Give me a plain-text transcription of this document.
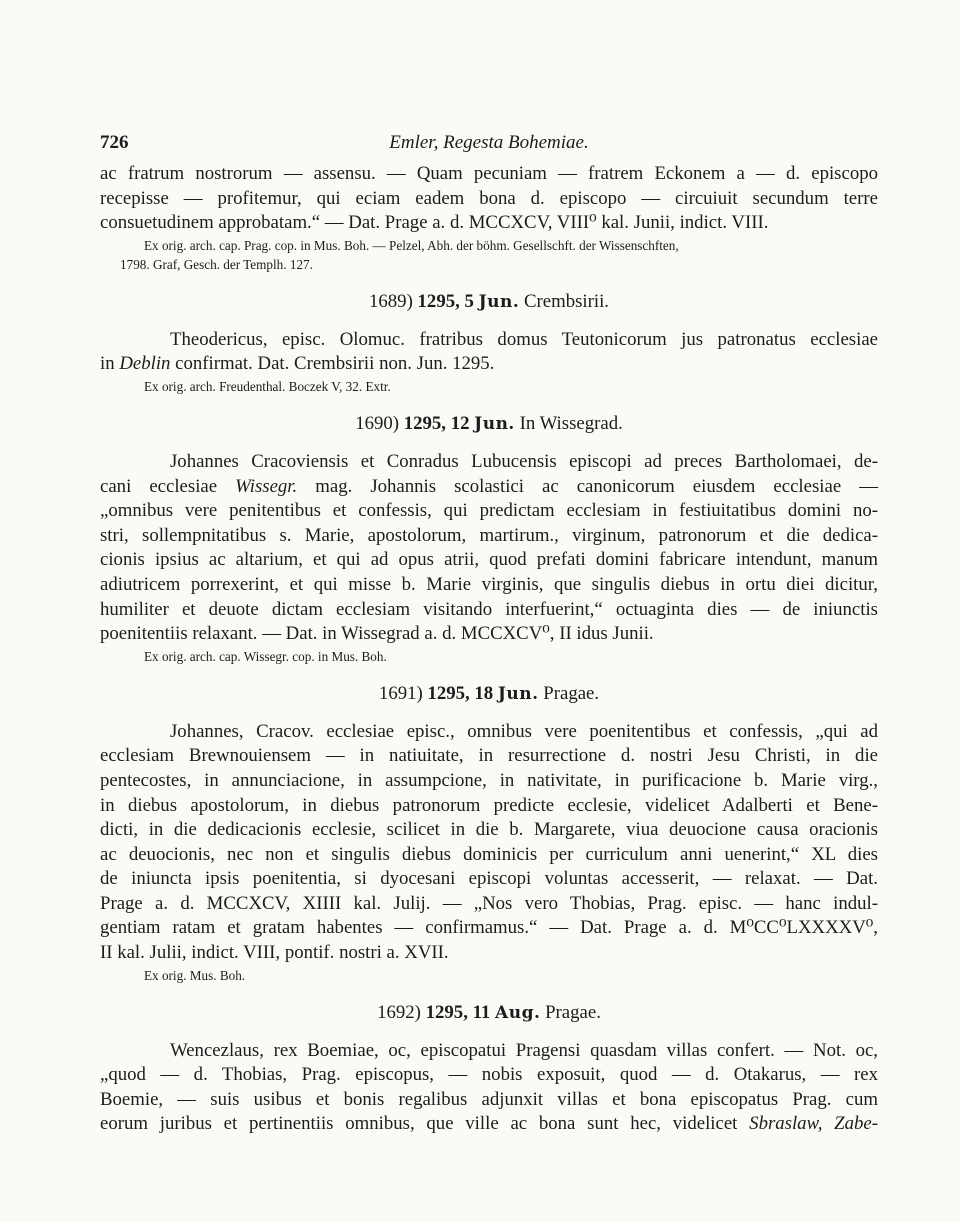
726	Emler, Regesta Bohemiae.
ac fratrum nostrorum — assensu. — Quam pecuniam — fratrem Eckonem a — d. episcopo
recepisse — profitemur, qui eciam eadem bona d. episcopo — circuiuit secundum terre
consuetudinem approbatam.“ — Dat. Prage a. d. MCCXCV, VIII⁰ kal. Junii, indict. VIII.
Ex orig. arch. cap. Prag. cop. in Mus. Boh. — Pelzel, Abh. der böhm. Gesellschft. der Wissenschften,
1798. Graf, Gesch. der Templh. 127.
1689) 1295, 5 Jun. Crembsirii.
Theodericus, episc. Olomuc. fratribus domus Teutonicorum jus patronatus ecclesiae
in Deblin confirmat. Dat. Crembsirii non. Jun. 1295.
Ex orig. arch. Freudenthal. Boczek V, 32. Extr.
1690) 1295, 12 Jun. In Wissegrad.
Johannes Cracoviensis et Conradus Lubucensis episcopi ad preces Bartholomaei, de-
cani ecclesiae Wissegr. mag. Johannis scolastici ac canonicorum eiusdem ecclesiae —
„omnibus vere penitentibus et confessis, qui predictam ecclesiam in festiuitatibus domini no-
stri, sollempnitatibus s. Marie, apostolorum, martirum., virginum, patronorum et die dedica-
cionis ipsius ac altarium, et qui ad opus atrii, quod prefati domini fabricare intendunt, manum
adiutricem porrexerint, et qui misse b. Marie virginis, que singulis diebus in ortu diei dicitur,
humiliter et deuote dictam ecclesiam visitando interfuerint,“ octuaginta dies — de iniunctis
poenitentiis relaxant. — Dat. in Wissegrad a. d. MCCXCV⁰, II idus Junii.
Ex orig. arch. cap. Wissegr. cop. in Mus. Boh.
1691) 1295, 18 Jun. Pragae.
Johannes, Cracov. ecclesiae episc., omnibus vere poenitentibus et confessis, „qui ad
ecclesiam Brewnouiensem — in natiuitate, in resurrectione d. nostri Jesu Christi, in die
pentecostes, in annunciacione, in assumpcione, in nativitate, in purificacione b. Marie virg.,
in diebus apostolorum, in diebus patronorum predicte ecclesie, videlicet Adalberti et Bene-
dicti, in die dedicacionis ecclesie, scilicet in die b. Margarete, viua deuocione causa oracionis
ac deuocionis, nec non et singulis diebus dominicis per curriculum anni uenerint,“ XL dies
de iniuncta ipsis poenitentia, si dyocesani episcopi voluntas accesserit, — relaxat. — Dat.
Prage a. d. MCCXCV, XIIII kal. Julij. — „Nos vero Thobias, Prag. episc. — hanc indul-
gentiam ratam et gratam habentes — confirmamus.“ — Dat. Prage a. d. M⁰CC⁰LXXXXV⁰,
II kal. Julii, indict. VIII, pontif. nostri a. XVII.
Ex orig. Mus. Boh.
1692) 1295, 11 Aug. Pragae.
Wencezlaus, rex Boemiae, oc, episcopatui Pragensi quasdam villas confert. — Not. oc,
„quod — d. Thobias, Prag. episcopus, — nobis exposuit, quod — d. Otakarus, — rex
Boemie, — suis usibus et bonis regalibus adjunxit villas et bona episcopatus Prag. cum
eorum juribus et pertinentiis omnibus, que ville ac bona sunt hec, videlicet Sbraslaw, Zabe-
